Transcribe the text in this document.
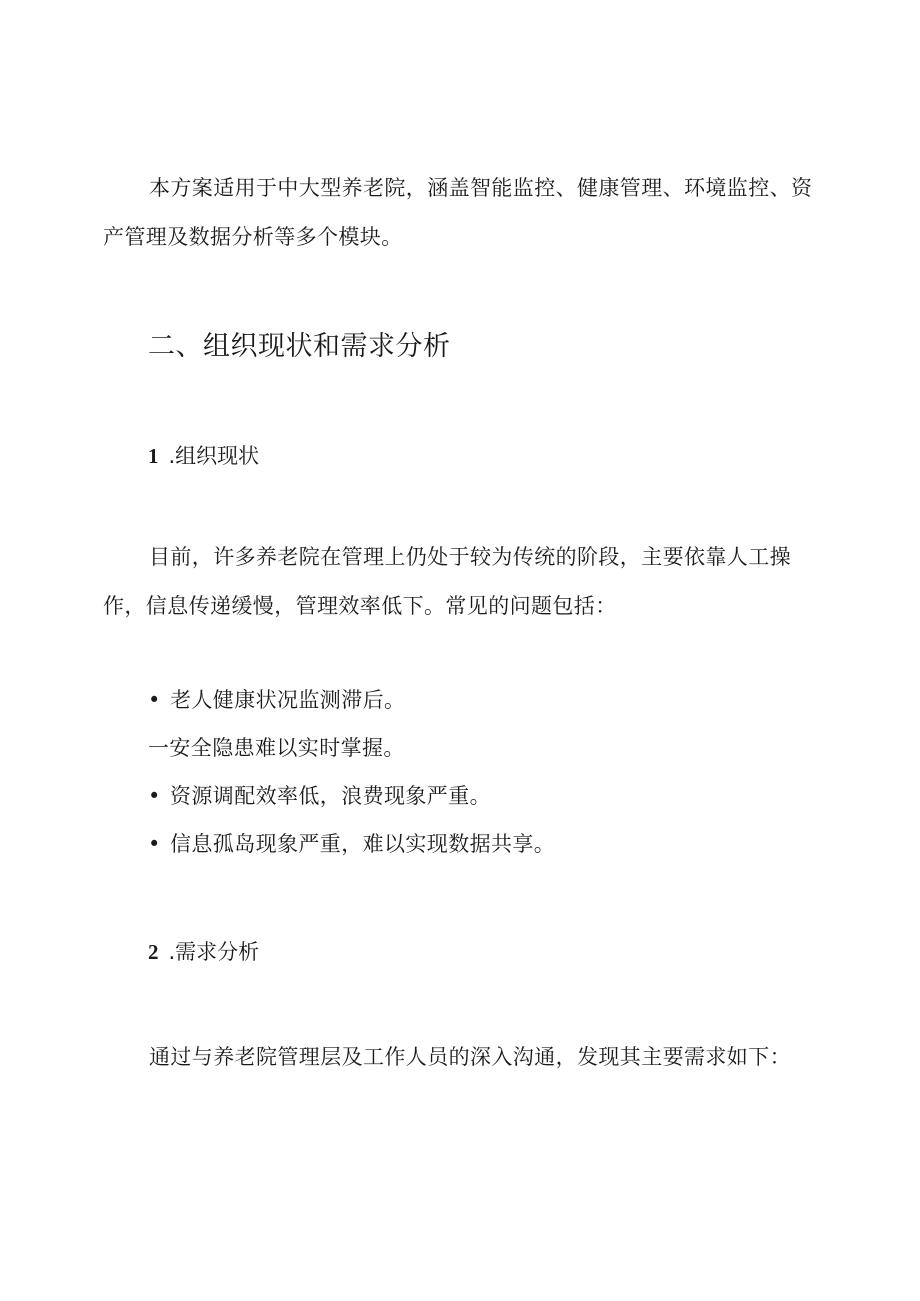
本方案适用于中大型养老院，涵盖智能监控、健康管理、环境监控、资产管理及数据分析等多个模块。

二、组织现状和需求分析
1 .组织现状

目前，许多养老院在管理上仍处于较为传统的阶段，主要依靠人工操作，信息传递缓慢，管理效率低下。常见的问题包括：

• 老人健康状况监测滞后。
一安全隐患难以实时掌握。
• 资源调配效率低，浪费现象严重。
• 信息孤岛现象严重，难以实现数据共享。
2 .需求分析

通过与养老院管理层及工作人员的深入沟通，发现其主要需求如下：
